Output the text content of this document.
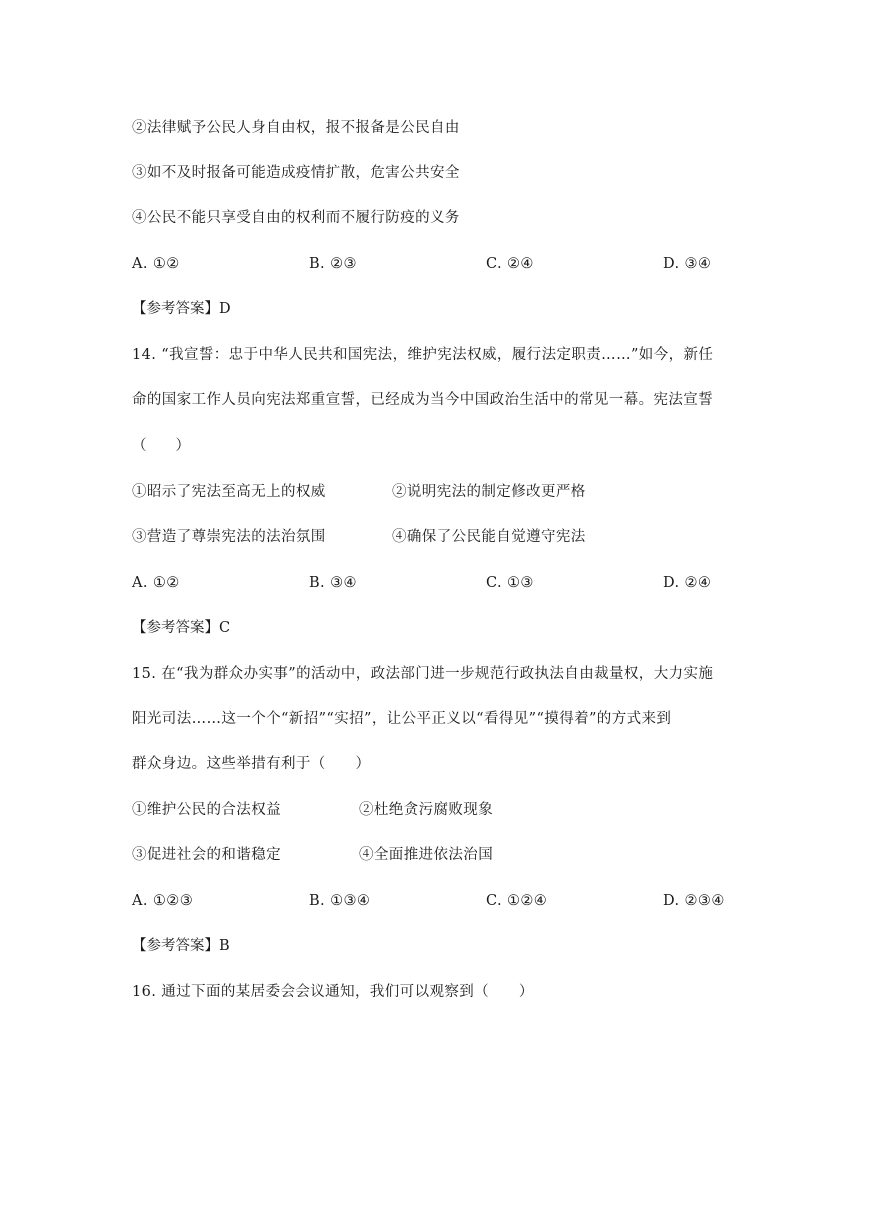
②法律赋予公民人身自由权，报不报备是公民自由
③如不及时报备可能造成疫情扩散，危害公共安全
④公民不能只享受自由的权利而不履行防疫的义务
A. ①②	B. ②③	C. ②④	D. ③④
【参考答案】D
14. “我宣誓：忠于中华人民共和国宪法，维护宪法权威，履行法定职责……”如今，新任
命的国家工作人员向宪法郑重宣誓，已经成为当今中国政治生活中的常见一幕。宪法宣誓
（　　）
①昭示了宪法至高无上的权威	②说明宪法的制定修改更严格
③营造了尊崇宪法的法治氛围	④确保了公民能自觉遵守宪法
A. ①②	B. ③④	C. ①③	D. ②④
【参考答案】C
15. 在“我为群众办实事”的活动中，政法部门进一步规范行政执法自由裁量权，大力实施
阳光司法……这一个个“新招”“实招”，让公平正义以“看得见”“摸得着”的方式来到
群众身边。这些举措有利于（　　）
①维护公民的合法权益	②杜绝贪污腐败现象
③促进社会的和谐稳定	④全面推进依法治国
A. ①②③	B. ①③④	C. ①②④	D. ②③④
【参考答案】B
16. 通过下面的某居委会会议通知，我们可以观察到（　　）
